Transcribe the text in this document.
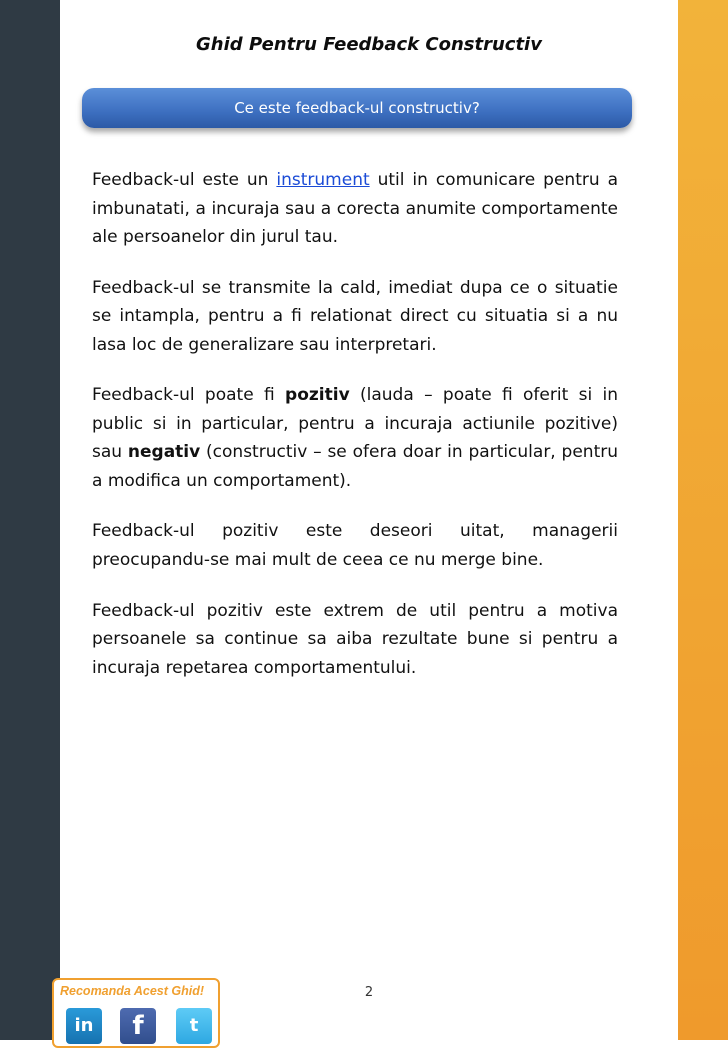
Ghid Pentru Feedback Constructiv
Ce este feedback-ul constructiv?

Feedback-ul este un instrument util in comunicare pentru a imbunatati, a incuraja sau a corecta anumite comportamente ale persoanelor din jurul tau.

Feedback-ul se transmite la cald, imediat dupa ce o situatie se intampla, pentru a fi relationat direct cu situatia si a nu lasa loc de generalizare sau interpretari.

Feedback-ul poate fi pozitiv (lauda – poate fi oferit si in public si in particular, pentru a incuraja actiunile pozitive) sau negativ (constructiv – se ofera doar in particular, pentru a modifica un comportament).

Feedback-ul pozitiv este deseori uitat, managerii preocupandu-se mai mult de ceea ce nu merge bine.

Feedback-ul pozitiv este extrem de util pentru a motiva persoanele sa continue sa aiba rezultate bune si pentru a incuraja repetarea comportamentului.

2
Recomanda Acest Ghid!
in	f	t
